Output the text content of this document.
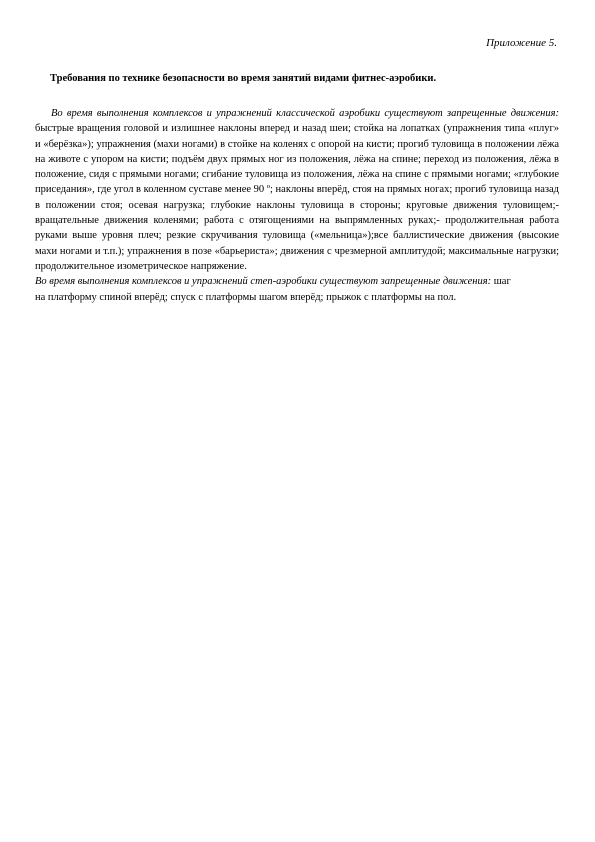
Приложение 5.
Требования по технике безопасности во время занятий видами фитнес-аэробики.

Во время выполнения комплексов и упражнений классической аэробики существуют запрещенные движения: быстрые вращения головой и излишнее наклоны вперед и назад шеи; стойка на лопатках (упражнения типа «плуг» и «берёзка»); упражнения (махи ногами) в стойке на коленях с опорой на кисти; прогиб туловища в положении лёжа на животе с упором на кисти; подъём двух прямых ног из положения, лёжа на спине; переход из положения, лёжа в положение, сидя с прямыми ногами; сгибание туловища из положения, лёжа на спине с прямыми ногами; «глубокие приседания», где угол в коленном суставе менее 90 º; наклоны вперёд, стоя на прямых ногах; прогиб туловища назад в положении стоя; осевая нагрузка; глубокие наклоны туловища в стороны; круговые движения туловищем;- вращательные движения коленями; работа с отягощениями на выпрямленных руках;- продолжительная работа руками выше уровня плеч; резкие скручивания туловища («мельница»);все баллистические движения (высокие махи ногами и т.п.); упражнения в позе «барьериста»; движения с чрезмерной амплитудой; максимальные нагрузки; продолжительное изометрическое напряжение.

Во время выполнения комплексов и упражнений степ-аэробики существуют запрещенные движения: шаг на платформу спиной вперёд; спуск с платформы шагом вперёд; прыжок с платформы на пол.
